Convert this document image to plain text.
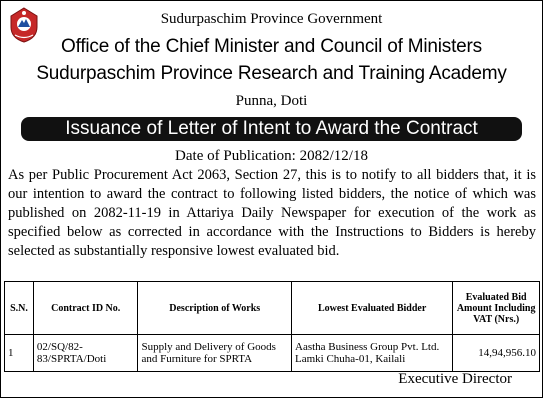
Sudurpaschim Province Government
Office of the Chief Minister and Council of Ministers
Sudurpaschim Province Research and Training Academy
Punna, Doti
Issuance of Letter of Intent to Award the Contract
Date of Publication: 2082/12/18
As per Public Procurement Act 2063, Section 27, this is to notify to all bidders that, it is our intention to award the contract to following listed bidders, the notice of which was published on 2082-11-19 in Attariya Daily Newspaper for execution of the work as specified below as corrected in accordance with the Instructions to Bidders is hereby selected as substantially responsive lowest evaluated bid.
S.N.	Contract ID No.	Description of Works	Lowest Evaluated Bidder	Evaluated Bid Amount Including VAT (Nrs.)
1	02/SQ/82-83/SPRTA/Doti	Supply and Delivery of Goods and Furniture for SPRTA	Aastha Business Group Pvt. Ltd. Lamki Chuha-01, Kailali	14,94,956.10
Executive Director
